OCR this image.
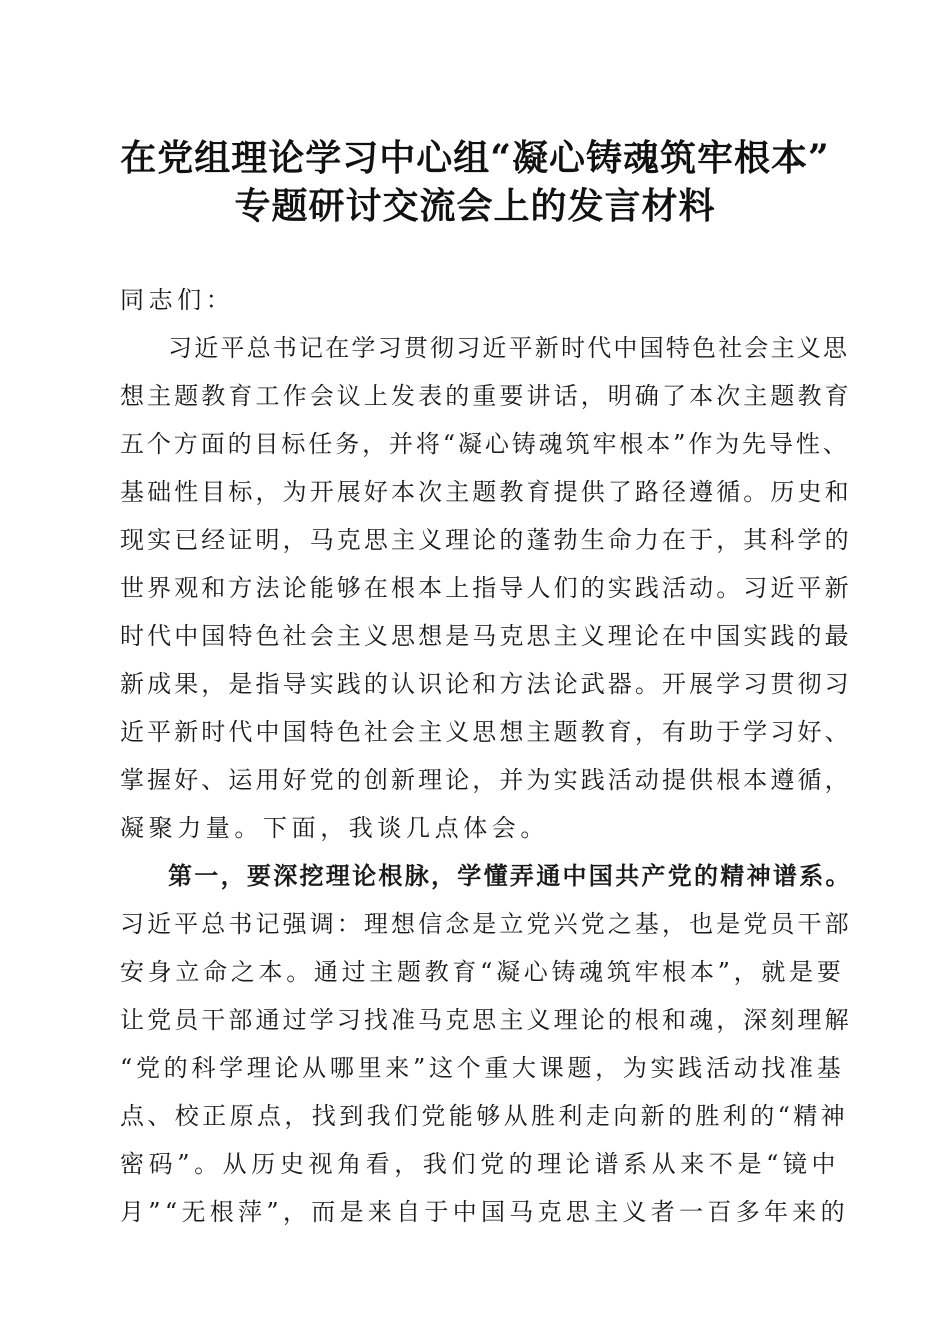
在党组理论学习中心组“凝心铸魂筑牢根本”
专题研讨交流会上的发言材料
同志们：
习近平总书记在学习贯彻习近平新时代中国特色社会主义思
想主题教育工作会议上发表的重要讲话，明确了本次主题教育
五个方面的目标任务，并将“凝心铸魂筑牢根本”作为先导性、
基础性目标，为开展好本次主题教育提供了路径遵循。历史和
现实已经证明，马克思主义理论的蓬勃生命力在于，其科学的
世界观和方法论能够在根本上指导人们的实践活动。习近平新
时代中国特色社会主义思想是马克思主义理论在中国实践的最
新成果，是指导实践的认识论和方法论武器。开展学习贯彻习
近平新时代中国特色社会主义思想主题教育，有助于学习好、
掌握好、运用好党的创新理论，并为实践活动提供根本遵循，
凝聚力量。下面，我谈几点体会。
第一，要深挖理论根脉，学懂弄通中国共产党的精神谱系。
习近平总书记强调：理想信念是立党兴党之基，也是党员干部
安身立命之本。通过主题教育“凝心铸魂筑牢根本”，就是要
让党员干部通过学习找准马克思主义理论的根和魂，深刻理解
“党的科学理论从哪里来”这个重大课题，为实践活动找准基
点、校正原点，找到我们党能够从胜利走向新的胜利的“精神
密码”。从历史视角看，我们党的理论谱系从来不是“镜中
月”“无根萍”，而是来自于中国马克思主义者一百多年来的
